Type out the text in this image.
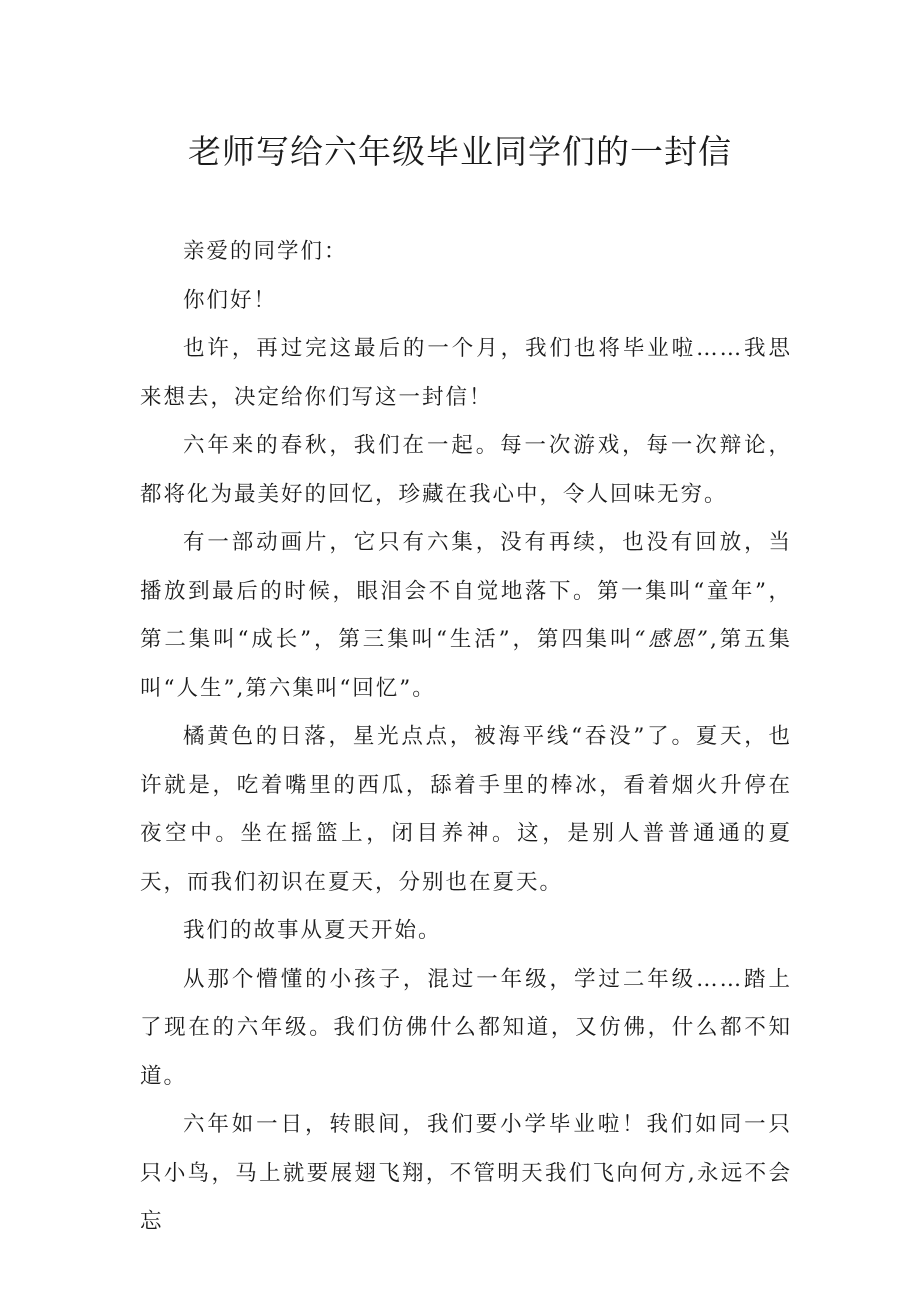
老师写给六年级毕业同学们的一封信

亲爱的同学们：

你们好！

也许，再过完这最后的一个月，我们也将毕业啦……我思来想去，决定给你们写这一封信！

六年来的春秋，我们在一起。每一次游戏，每一次辩论，都将化为最美好的回忆，珍藏在我心中，令人回味无穷。

有一部动画片，它只有六集，没有再续，也没有回放，当播放到最后的时候，眼泪会不自觉地落下。第一集叫“童年”，第二集叫“成长”，第三集叫“生活”，第四集叫“感恩”,第五集叫“人生”,第六集叫“回忆”。

橘黄色的日落，星光点点，被海平线“吞没”了。夏天，也许就是，吃着嘴里的西瓜，舔着手里的棒冰，看着烟火升停在夜空中。坐在摇篮上，闭目养神。这，是别人普普通通的夏天，而我们初识在夏天，分别也在夏天。

我们的故事从夏天开始。

从那个懵懂的小孩子，混过一年级，学过二年级……踏上了现在的六年级。我们仿佛什么都知道，又仿佛，什么都不知道。

六年如一日，转眼间，我们要小学毕业啦！我们如同一只只小鸟，马上就要展翅飞翔，不管明天我们飞向何方,永远不会忘
